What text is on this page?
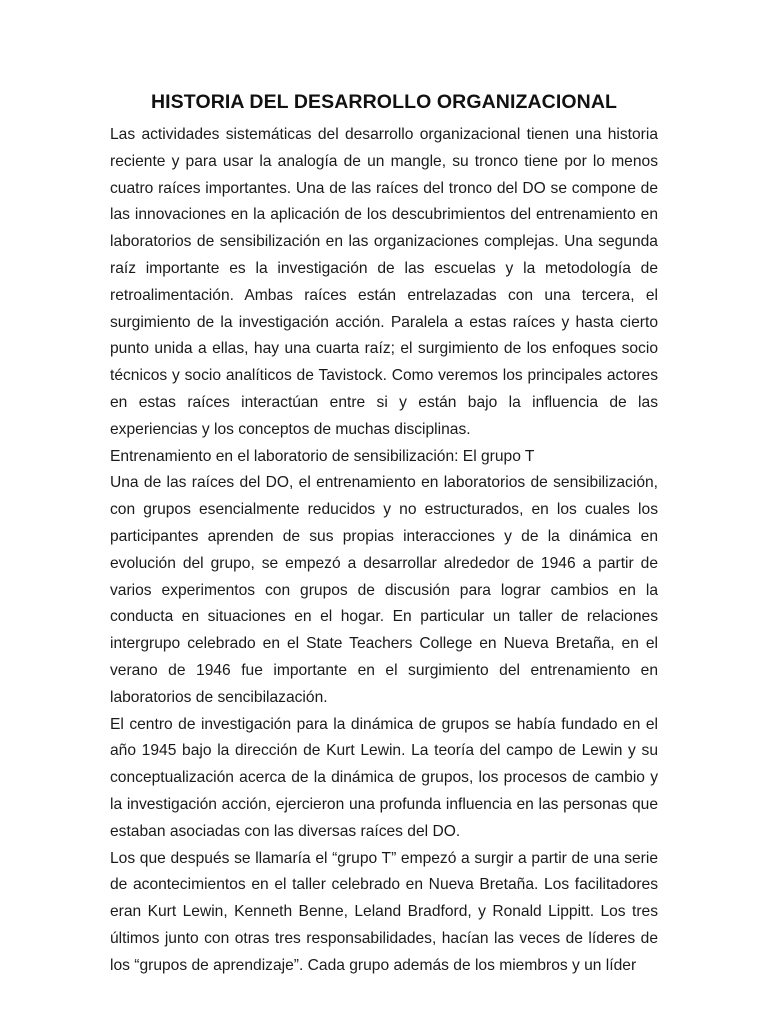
HISTORIA DEL DESARROLLO ORGANIZACIONAL

Las actividades sistemáticas del desarrollo organizacional tienen una historia reciente y para usar la analogía de un mangle, su tronco tiene por lo menos cuatro raíces importantes. Una de las raíces del tronco del DO se compone de las innovaciones en la aplicación de los descubrimientos del entrenamiento en laboratorios de sensibilización en las organizaciones complejas. Una segunda raíz importante es la investigación de las escuelas y la metodología de retroalimentación. Ambas raíces están entrelazadas con una tercera, el surgimiento de la investigación acción. Paralela a estas raíces y hasta cierto punto unida a ellas, hay una cuarta raíz; el surgimiento de los enfoques socio técnicos y socio analíticos de Tavistock. Como veremos los principales actores en estas raíces interactúan entre si y están bajo la influencia de las experiencias y los conceptos de muchas disciplinas.

Entrenamiento en el laboratorio de sensibilización: El grupo T

Una de las raíces del DO, el entrenamiento en laboratorios de sensibilización, con grupos esencialmente reducidos y no estructurados, en los cuales los participantes aprenden de sus propias interacciones y de la dinámica en evolución del grupo, se empezó a desarrollar alrededor de 1946 a partir de varios experimentos con grupos de discusión para lograr cambios en la conducta en situaciones en el hogar. En particular un taller de relaciones intergrupo celebrado en el State Teachers College en Nueva Bretaña, en el verano de 1946 fue importante en el surgimiento del entrenamiento en laboratorios de sencibilazación.

El centro de investigación para la dinámica de grupos se había fundado en el año 1945 bajo la dirección de Kurt Lewin. La teoría del campo de Lewin y su conceptualización acerca de la dinámica de grupos, los procesos de cambio y la investigación acción, ejercieron una profunda influencia en las personas que estaban asociadas con las diversas raíces del DO.

Los que después se llamaría el “grupo T” empezó a surgir a partir de una serie de acontecimientos en el taller celebrado en Nueva Bretaña. Los facilitadores eran Kurt Lewin, Kenneth Benne, Leland Bradford, y Ronald Lippitt. Los tres últimos junto con otras tres responsabilidades, hacían las veces de líderes de los “grupos de aprendizaje”. Cada grupo además de los miembros y un líder
